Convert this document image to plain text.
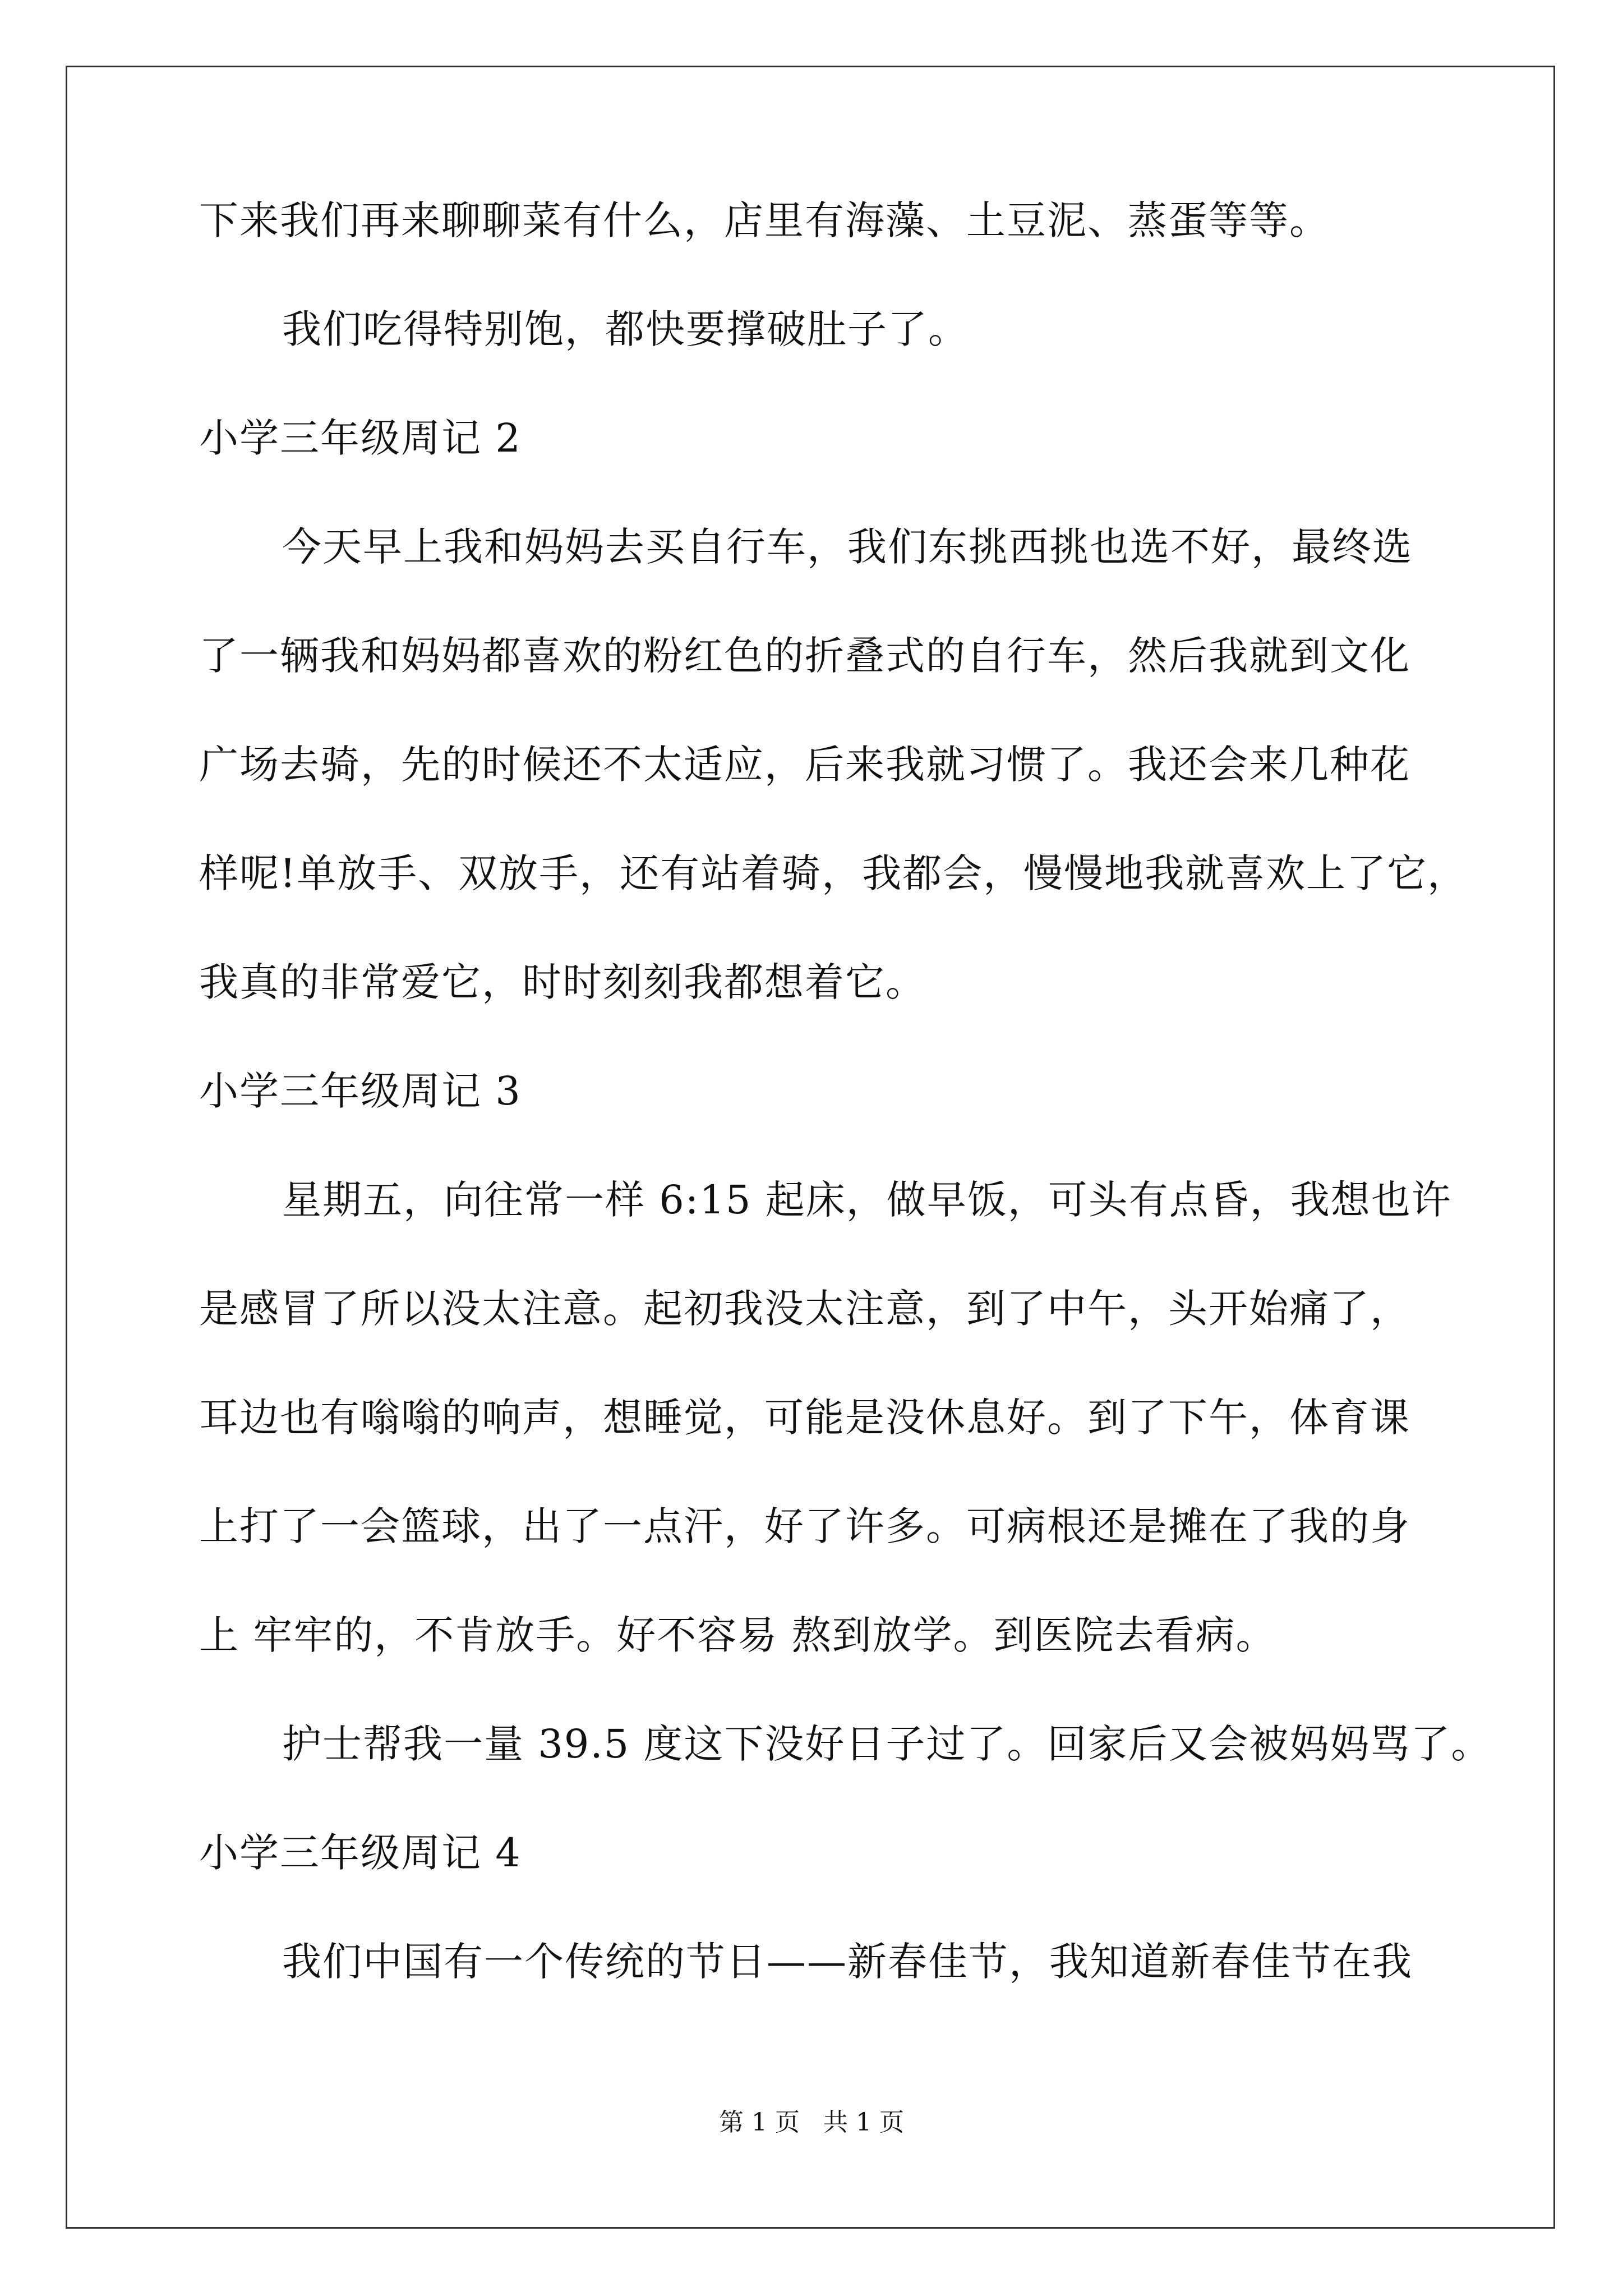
下来我们再来聊聊菜有什么，店里有海藻、土豆泥、蒸蛋等等。
我们吃得特别饱，都快要撑破肚子了。
小学三年级周记 2
今天早上我和妈妈去买自行车，我们东挑西挑也选不好，最终选
了一辆我和妈妈都喜欢的粉红色的折叠式的自行车，然后我就到文化
广场去骑，先的时候还不太适应，后来我就习惯了。我还会来几种花
样呢!单放手、双放手，还有站着骑，我都会，慢慢地我就喜欢上了它，
我真的非常爱它，时时刻刻我都想着它。
小学三年级周记 3
星期五，向往常一样 6:15 起床，做早饭，可头有点昏，我想也许
是感冒了所以没太注意。起初我没太注意，到了中午，头开始痛了，
耳边也有嗡嗡的响声，想睡觉，可能是没休息好。到了下午，体育课
上打了一会篮球，出了一点汗，好了许多。可病根还是摊在了我的身
上 牢牢的，不肯放手。好不容易 熬到放学。到医院去看病。
护士帮我一量 39.5 度这下没好日子过了。回家后又会被妈妈骂了。
小学三年级周记 4
我们中国有一个传统的节日——新春佳节，我知道新春佳节在我
第 1 页 共 1 页
